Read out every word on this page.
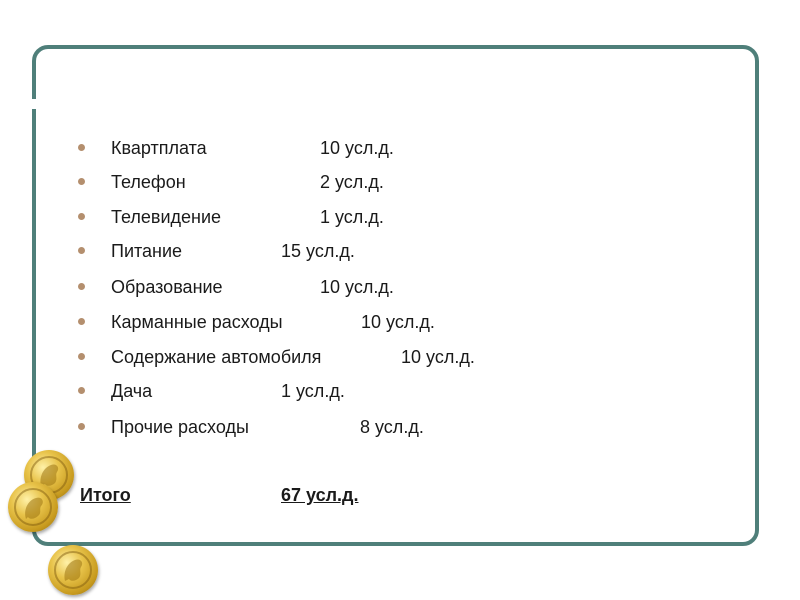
Квартплата	10 усл.д.
Телефон	2 усл.д.
Телевидение	1 усл.д.
Питание	15 усл.д.
Образование	10 усл.д.
Карманные расходы	10 усл.д.
Содержание автомобиля	10 усл.д.
Дача	1 усл.д.
Прочие расходы	8 усл.д.
Итого	67 усл.д.
